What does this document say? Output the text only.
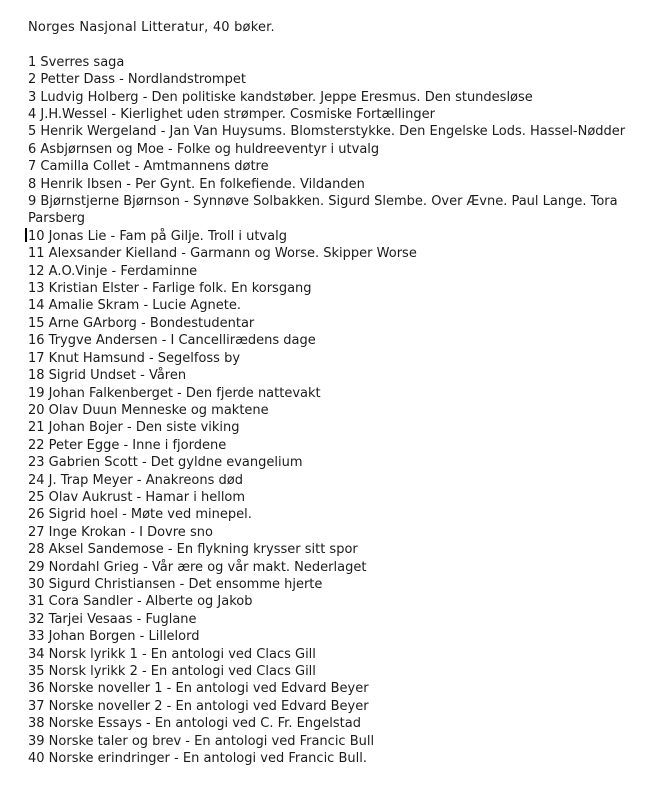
Norges Nasjonal Litteratur, 40 bøker.

1 Sverres saga

2 Petter Dass - Nordlandstrompet

3 Ludvig Holberg - Den politiske kandstøber. Jeppe Eresmus. Den stundesløse

4 J.H.Wessel - Kierlighet uden strømper. Cosmiske Fortællinger

5 Henrik Wergeland - Jan Van Huysums. Blomsterstykke. Den Engelske Lods. Hassel-Nødder

6 Asbjørnsen og Moe - Folke og huldreeventyr i utvalg

7 Camilla Collet - Amtmannens døtre

8 Henrik Ibsen - Per Gynt. En folkefiende. Vildanden

9 Bjørnstjerne Bjørnson - Synnøve Solbakken. Sigurd Slembe. Over Ævne. Paul Lange. Tora Parsberg

10 Jonas Lie - Fam på Gilje. Troll i utvalg

11 Alexsander Kielland - Garmann og Worse. Skipper Worse

12 A.O.Vinje - Ferdaminne

13 Kristian Elster - Farlige folk. En korsgang

14 Amalie Skram - Lucie Agnete.

15 Arne GArborg - Bondestudentar

16 Trygve Andersen - I Cancellirædens dage

17 Knut Hamsund - Segelfoss by

18 Sigrid Undset - Våren

19 Johan Falkenberget - Den fjerde nattevakt

20 Olav Duun Menneske og maktene

21 Johan Bojer - Den siste viking

22 Peter Egge - Inne i fjordene

23 Gabrien Scott - Det gyldne evangelium

24 J. Trap Meyer - Anakreons død

25 Olav Aukrust - Hamar i hellom

26 Sigrid hoel - Møte ved minepel.

27 Inge Krokan - I Dovre sno

28 Aksel Sandemose - En flykning krysser sitt spor

29 Nordahl Grieg - Vår ære og vår makt. Nederlaget

30 Sigurd Christiansen - Det ensomme hjerte

31 Cora Sandler - Alberte og Jakob

32 Tarjei Vesaas - Fuglane

33 Johan Borgen - Lillelord

34 Norsk lyrikk 1 - En antologi ved Clacs Gill

35 Norsk lyrikk 2 - En antologi ved Clacs Gill

36 Norske noveller 1 - En antologi ved Edvard Beyer

37 Norske noveller 2 - En antologi ved Edvard Beyer

38 Norske Essays - En antologi ved C. Fr. Engelstad

39 Norske taler og brev - En antologi ved Francic Bull

40 Norske erindringer - En antologi ved Francic Bull.
